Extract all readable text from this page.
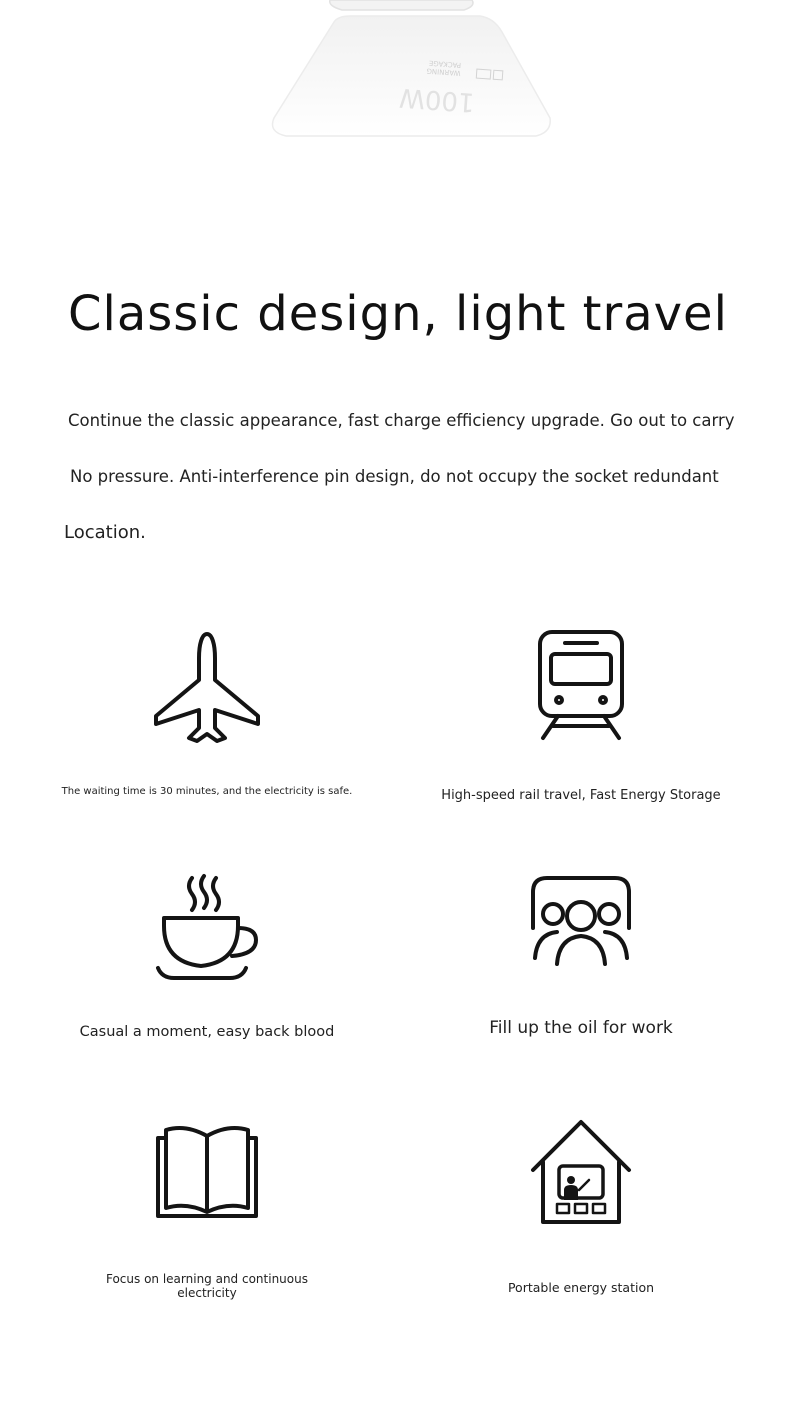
WARNING
PACKAGE
100W
Classic design, light travel

Continue the classic appearance, fast charge efficiency upgrade. Go out to carry

No pressure. Anti-interference pin design, do not occupy the socket redundant

Location.

The waiting time is 30 minutes, and the electricity is safe.	High-speed rail travel, Fast Energy Storage

Casual a moment, easy back blood	Fill up the oil for work

Focus on learning and continuous electricity	Portable energy station
